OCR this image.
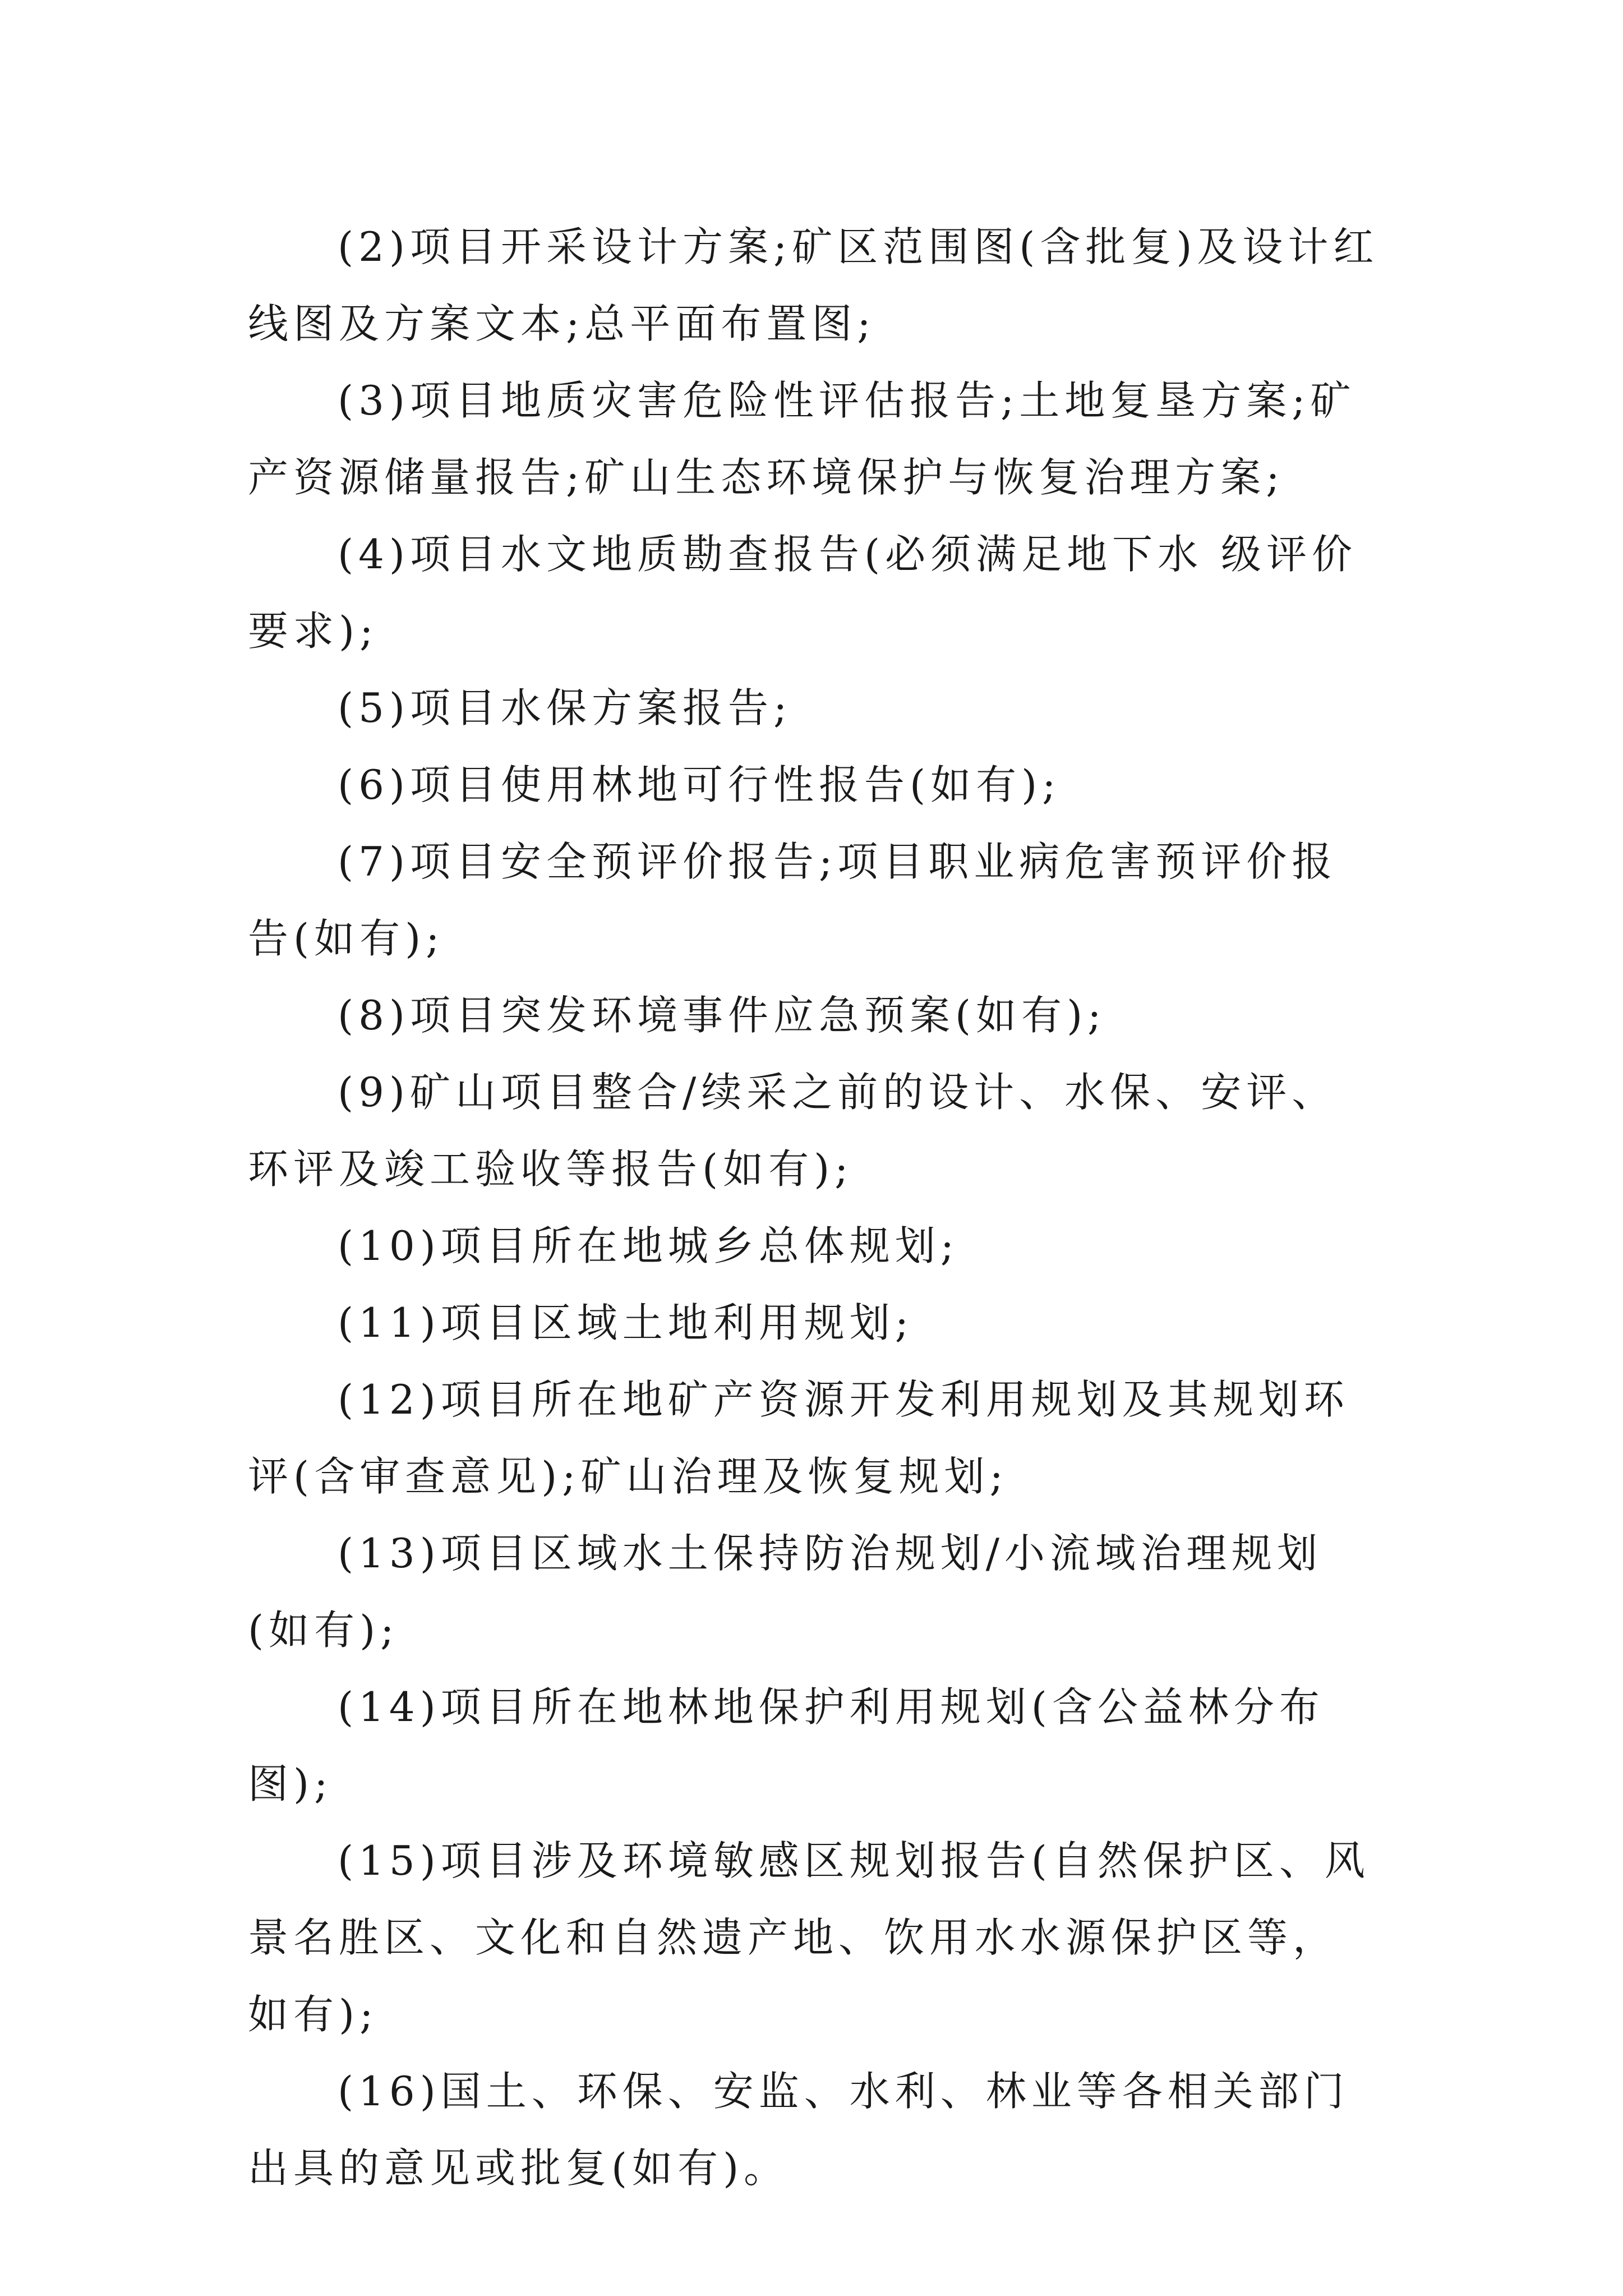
(2)项目开采设计方案;矿区范围图(含批复)及设计红线图及方案文本;总平面布置图;

(3)项目地质灾害危险性评估报告;土地复垦方案;矿产资源储量报告;矿山生态环境保护与恢复治理方案;

(4)项目水文地质勘查报告(必须满足地下水 级评价要求);

(5)项目水保方案报告;

(6)项目使用林地可行性报告(如有);

(7)项目安全预评价报告;项目职业病危害预评价报告(如有);

(8)项目突发环境事件应急预案(如有);

(9)矿山项目整合/续采之前的设计、水保、安评、环评及竣工验收等报告(如有);

(10)项目所在地城乡总体规划;

(11)项目区域土地利用规划;

(12)项目所在地矿产资源开发利用规划及其规划环评(含审查意见);矿山治理及恢复规划;

(13)项目区域水土保持防治规划/小流域治理规划(如有);

(14)项目所在地林地保护利用规划(含公益林分布图);

(15)项目涉及环境敏感区规划报告(自然保护区、风景名胜区、文化和自然遗产地、饮用水水源保护区等，如有);

(16)国土、环保、安监、水利、林业等各相关部门出具的意见或批复(如有)。
